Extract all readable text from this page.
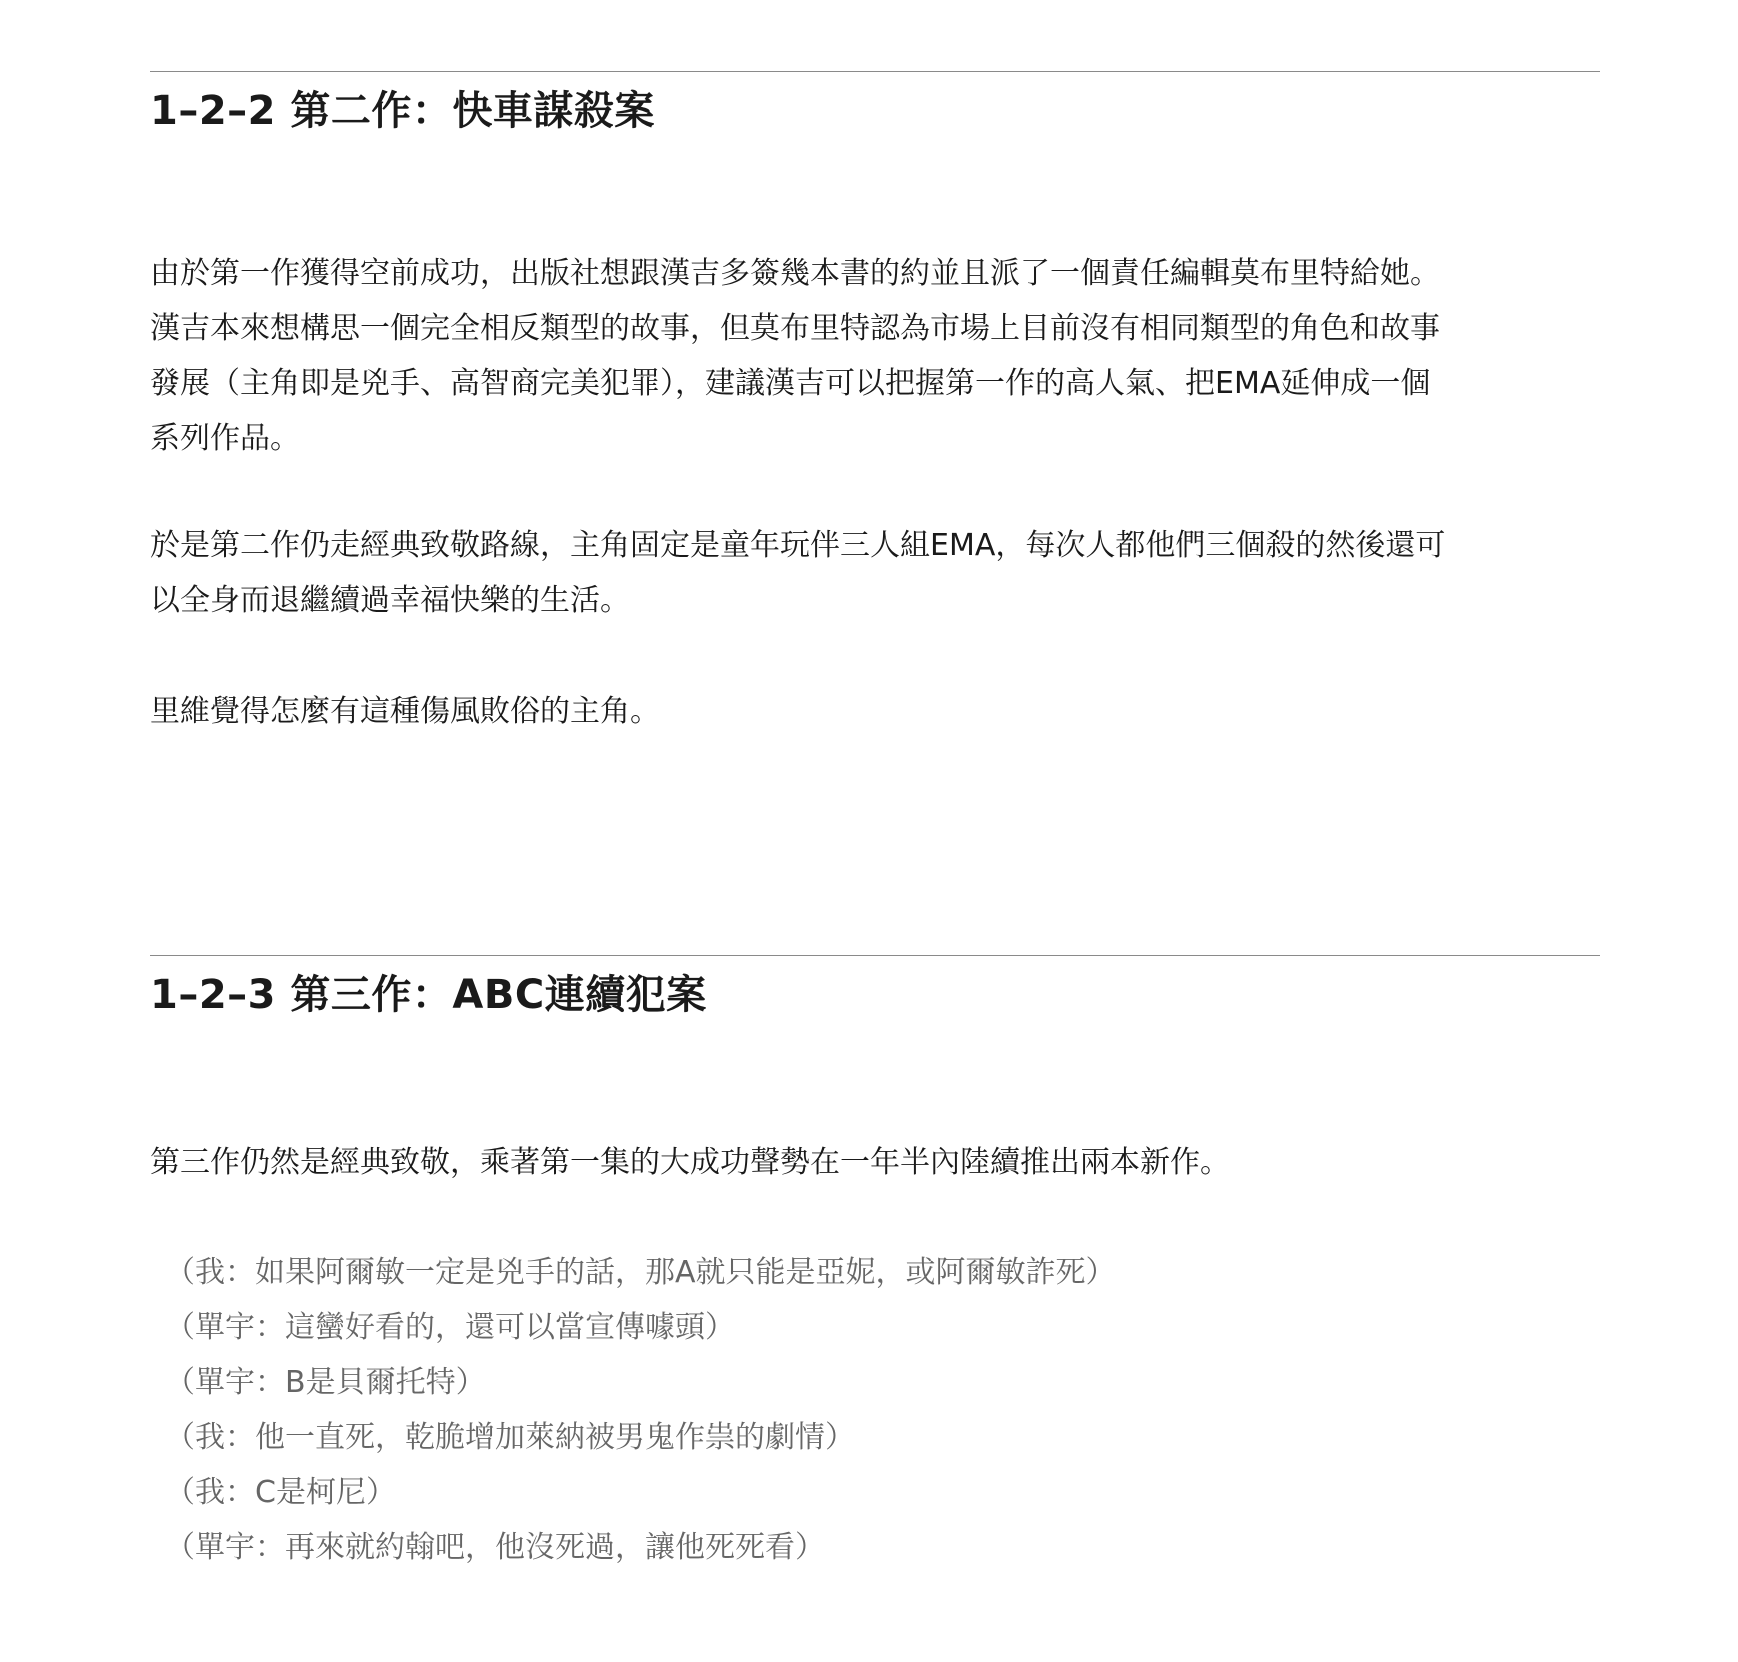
1–2–2 第二作：快車謀殺案
由於第一作獲得空前成功，出版社想跟漢吉多簽幾本書的約並且派了一個責任編輯莫布里特給她。
漢吉本來想構思一個完全相反類型的故事，但莫布里特認為市場上目前沒有相同類型的角色和故事
發展（主角即是兇手、高智商完美犯罪），建議漢吉可以把握第一作的高人氣、把EMA延伸成一個
系列作品。
於是第二作仍走經典致敬路線，主角固定是童年玩伴三人組EMA，每次人都他們三個殺的然後還可
以全身而退繼續過幸福快樂的生活。
里維覺得怎麼有這種傷風敗俗的主角。
1–2–3 第三作：ABC連續犯案
第三作仍然是經典致敬，乘著第一集的大成功聲勢在一年半內陸續推出兩本新作。
（我：如果阿爾敏一定是兇手的話，那A就只能是亞妮，或阿爾敏詐死）
（單宇：這蠻好看的，還可以當宣傳噱頭）
（單宇：B是貝爾托特）
（我：他一直死，乾脆增加萊納被男鬼作祟的劇情）
（我：C是柯尼）
（單宇：再來就約翰吧，他沒死過，讓他死死看）
